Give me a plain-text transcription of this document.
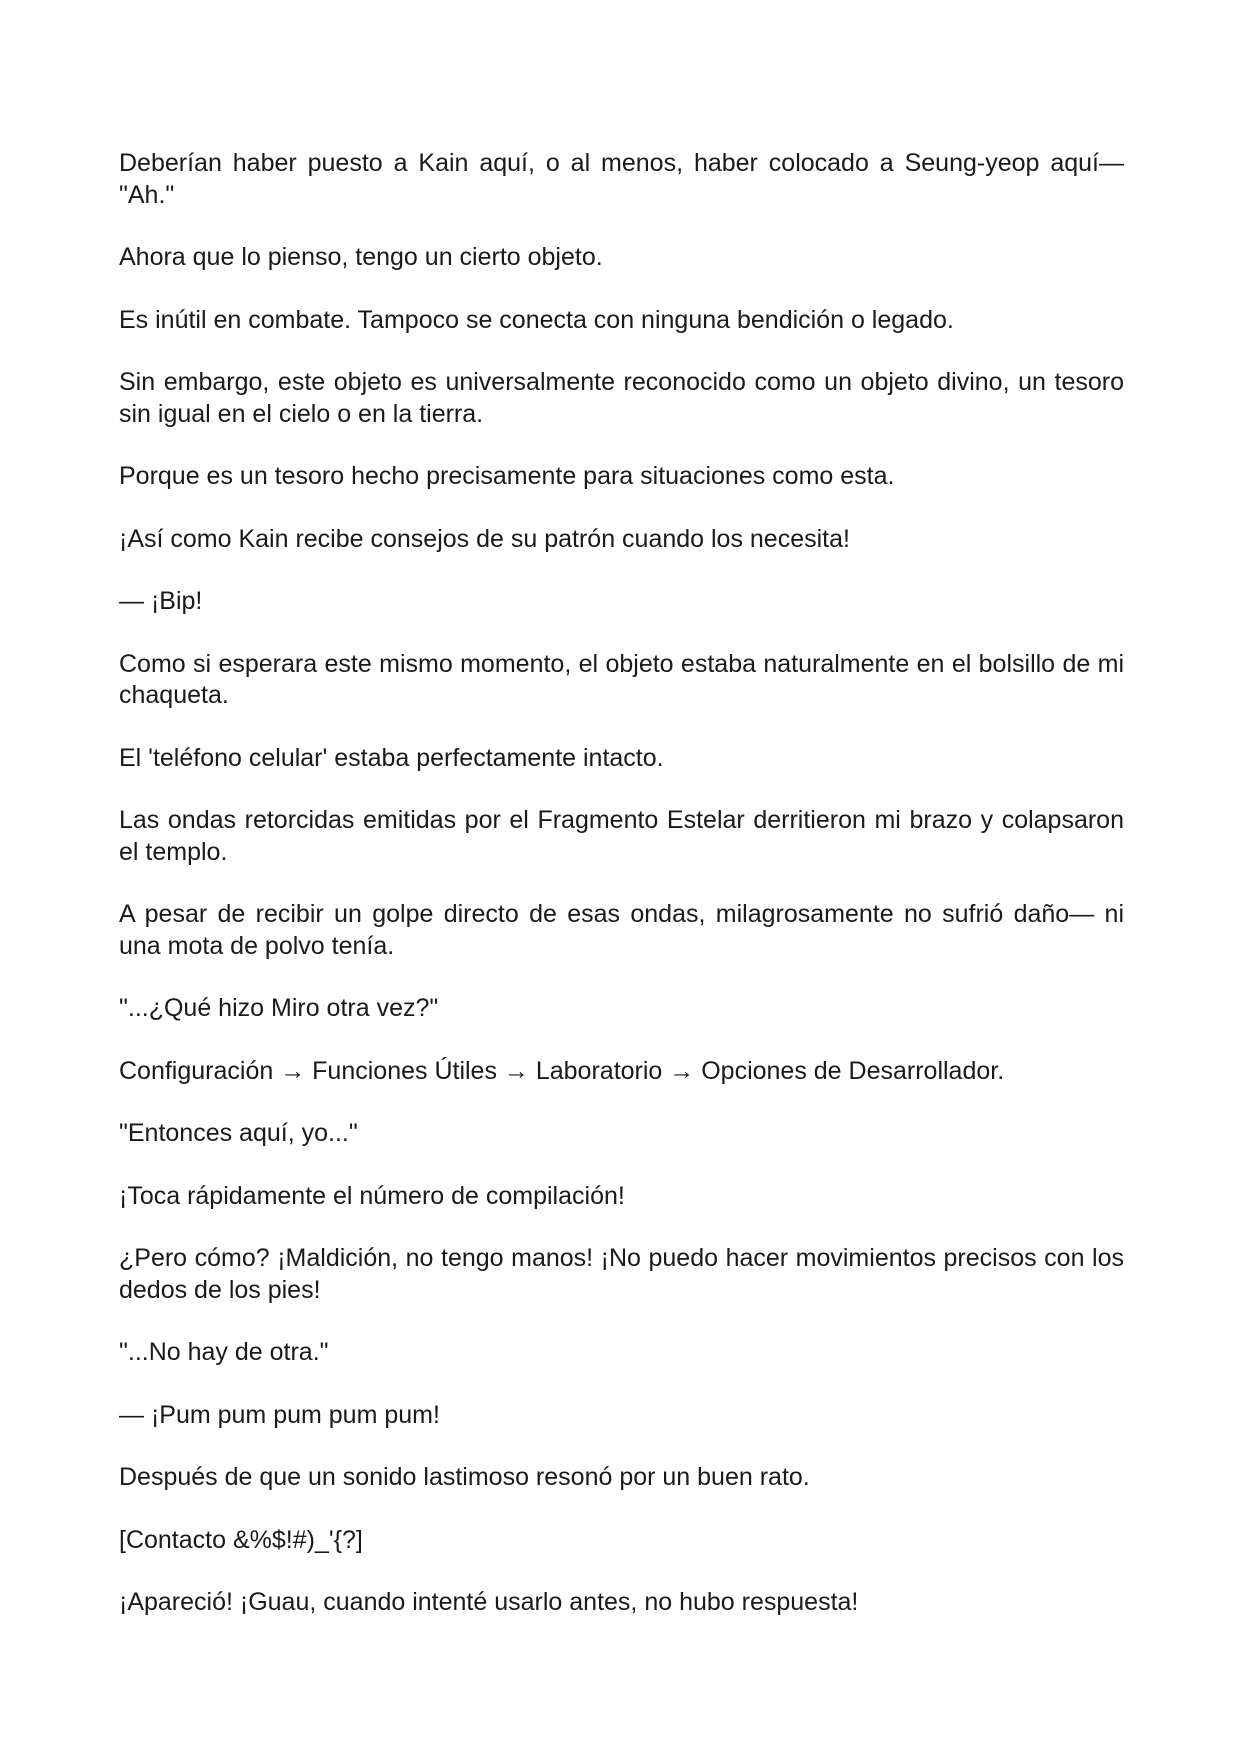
Deberían haber puesto a Kain aquí, o al menos, haber colocado a Seung-yeop aquí— "Ah."

Ahora que lo pienso, tengo un cierto objeto.

Es inútil en combate. Tampoco se conecta con ninguna bendición o legado.

Sin embargo, este objeto es universalmente reconocido como un objeto divino, un tesoro sin igual en el cielo o en la tierra.

Porque es un tesoro hecho precisamente para situaciones como esta.

¡Así como Kain recibe consejos de su patrón cuando los necesita!

— ¡Bip!

Como si esperara este mismo momento, el objeto estaba naturalmente en el bolsillo de mi chaqueta.

El 'teléfono celular' estaba perfectamente intacto.

Las ondas retorcidas emitidas por el Fragmento Estelar derritieron mi brazo y colapsaron el templo.

A pesar de recibir un golpe directo de esas ondas, milagrosamente no sufrió daño— ni una mota de polvo tenía.

"...¿Qué hizo Miro otra vez?"

Configuración → Funciones Útiles → Laboratorio → Opciones de Desarrollador.

"Entonces aquí, yo..."

¡Toca rápidamente el número de compilación!

¿Pero cómo? ¡Maldición, no tengo manos! ¡No puedo hacer movimientos precisos con los dedos de los pies!

"...No hay de otra."

— ¡Pum pum pum pum pum!

Después de que un sonido lastimoso resonó por un buen rato.

[Contacto &%$!#)_'{?]

¡Apareció! ¡Guau, cuando intenté usarlo antes, no hubo respuesta!
